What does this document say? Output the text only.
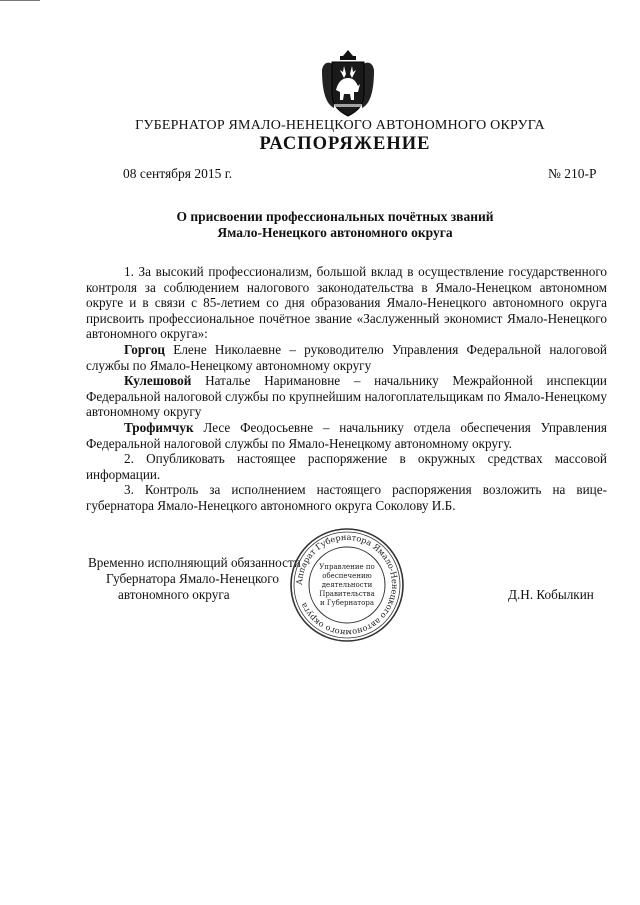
ГУБЕРНАТОР ЯМАЛО-НЕНЕЦКОГО АВТОНОМНОГО ОКРУГА
РАСПОРЯЖЕНИЕ
08 сентября 2015 г.	№ 210-Р
О присвоении профессиональных почётных званий
Ямало-Ненецкого автономного округа

1. За высокий профессионализм, большой вклад в осуществление государственного контроля за соблюдением налогового законодательства в Ямало-Ненецком автономном округе и в связи с 85-летием со дня образования Ямало-Ненецкого автономного округа присвоить профессиональное почётное звание «Заслуженный экономист Ямало-Ненецкого автономного округа»:

Горгоц Елене Николаевне – руководителю Управления Федеральной налоговой службы по Ямало-Ненецкому автономному округу

Кулешовой Наталье Наримановне – начальнику Межрайонной инспекции Федеральной налоговой службы по крупнейшим налогоплательщикам по Ямало-Ненецкому автономному округу

Трофимчук Лесе Феодосьевне – начальнику отдела обеспечения Управления Федеральной налоговой службы по Ямало-Ненецкому автономному округу.

2. Опубликовать настоящее распоряжение в окружных средствах массовой информации.

3. Контроль за исполнением настоящего распоряжения возложить на вице-губернатора Ямало-Ненецкого автономного округа Соколову И.Б.

Временно исполняющий обязанности
Губернатора Ямало-Ненецкого
автономного округа	Д.Н. Кобылкин
Аппарат Губернатора Ямало-Ненецкого автономного округа
Управление по
обеспечению
деятельности
Правительства
и Губернатора
